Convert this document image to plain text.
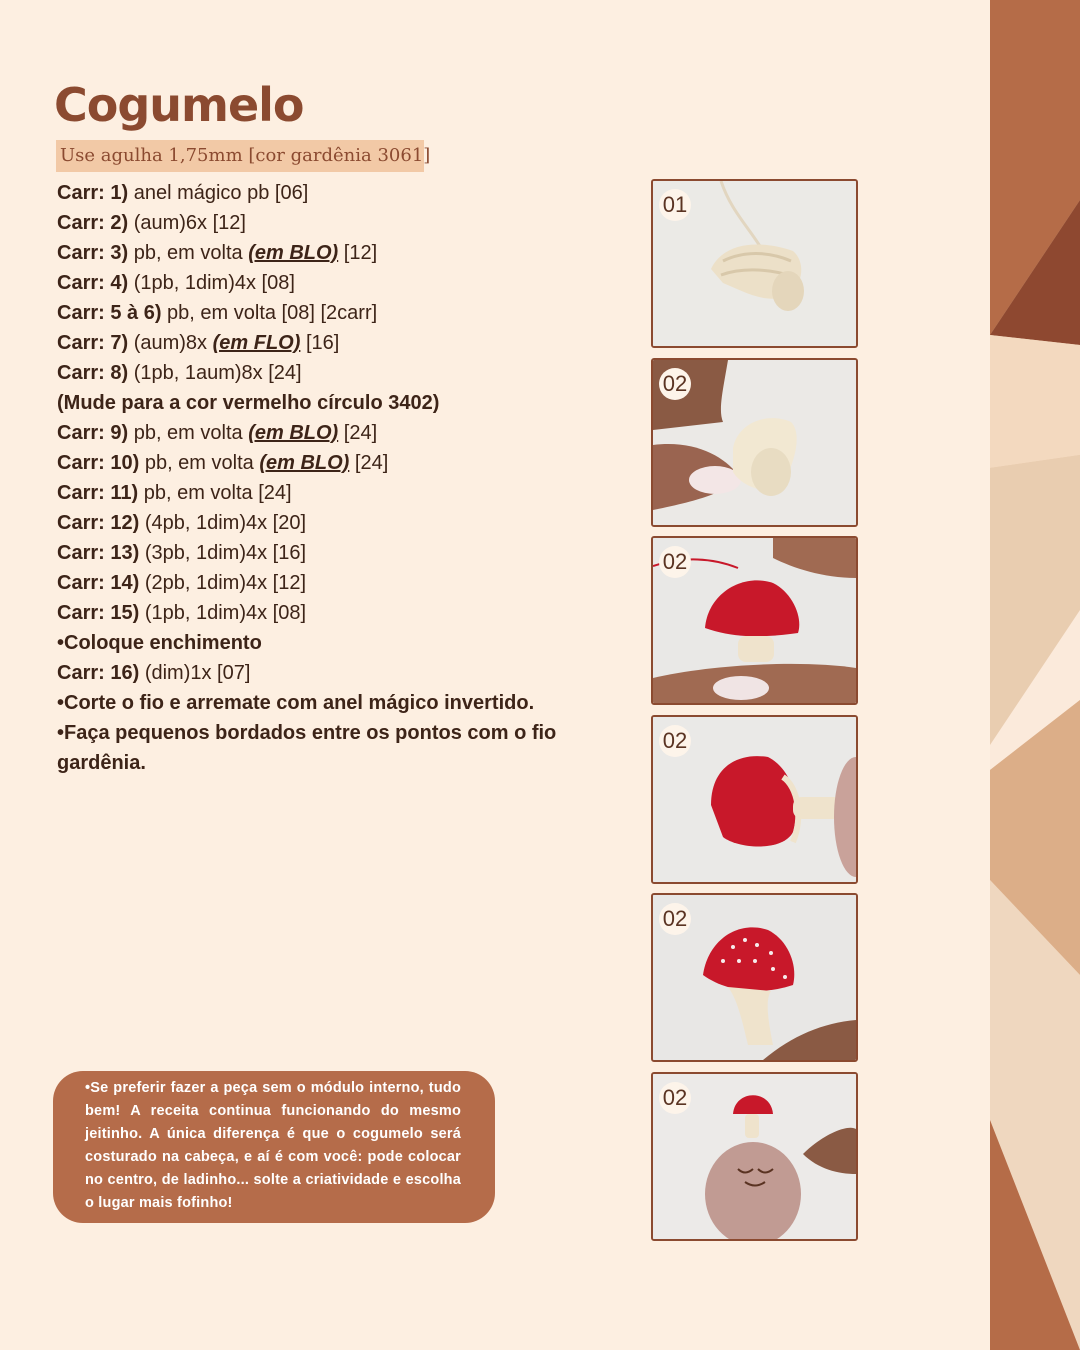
Cogumelo
Use agulha 1,75mm [cor gardênia 3061]
Carr: 1) anel mágico pb [06]
Carr: 2) (aum)6x [12]
Carr: 3) pb, em volta (em BLO) [12]
Carr: 4) (1pb, 1dim)4x [08]
Carr: 5 à 6) pb, em volta [08] [2carr]
Carr: 7) (aum)8x (em FLO) [16]
Carr: 8) (1pb, 1aum)8x [24]
(Mude para a cor vermelho círculo 3402)
Carr: 9) pb, em volta (em BLO) [24]
Carr: 10) pb, em volta (em BLO) [24]
Carr: 11) pb, em volta [24]
Carr: 12) (4pb, 1dim)4x [20]
Carr: 13) (3pb, 1dim)4x [16]
Carr: 14) (2pb, 1dim)4x [12]
Carr: 15) (1pb, 1dim)4x [08]
•Coloque enchimento
Carr: 16) (dim)1x [07]
•Corte o fio e arremate com anel mágico invertido.
•Faça pequenos bordados entre os pontos com o fio gardênia.
01
02
02
02
02
02
•Se preferir fazer a peça sem o módulo interno, tudo bem! A receita continua funcionando do mesmo jeitinho. A única diferença é que o cogumelo será costurado na cabeça, e aí é com você: pode colocar no centro, de ladinho... solte a criatividade e escolha o lugar mais fofinho!
